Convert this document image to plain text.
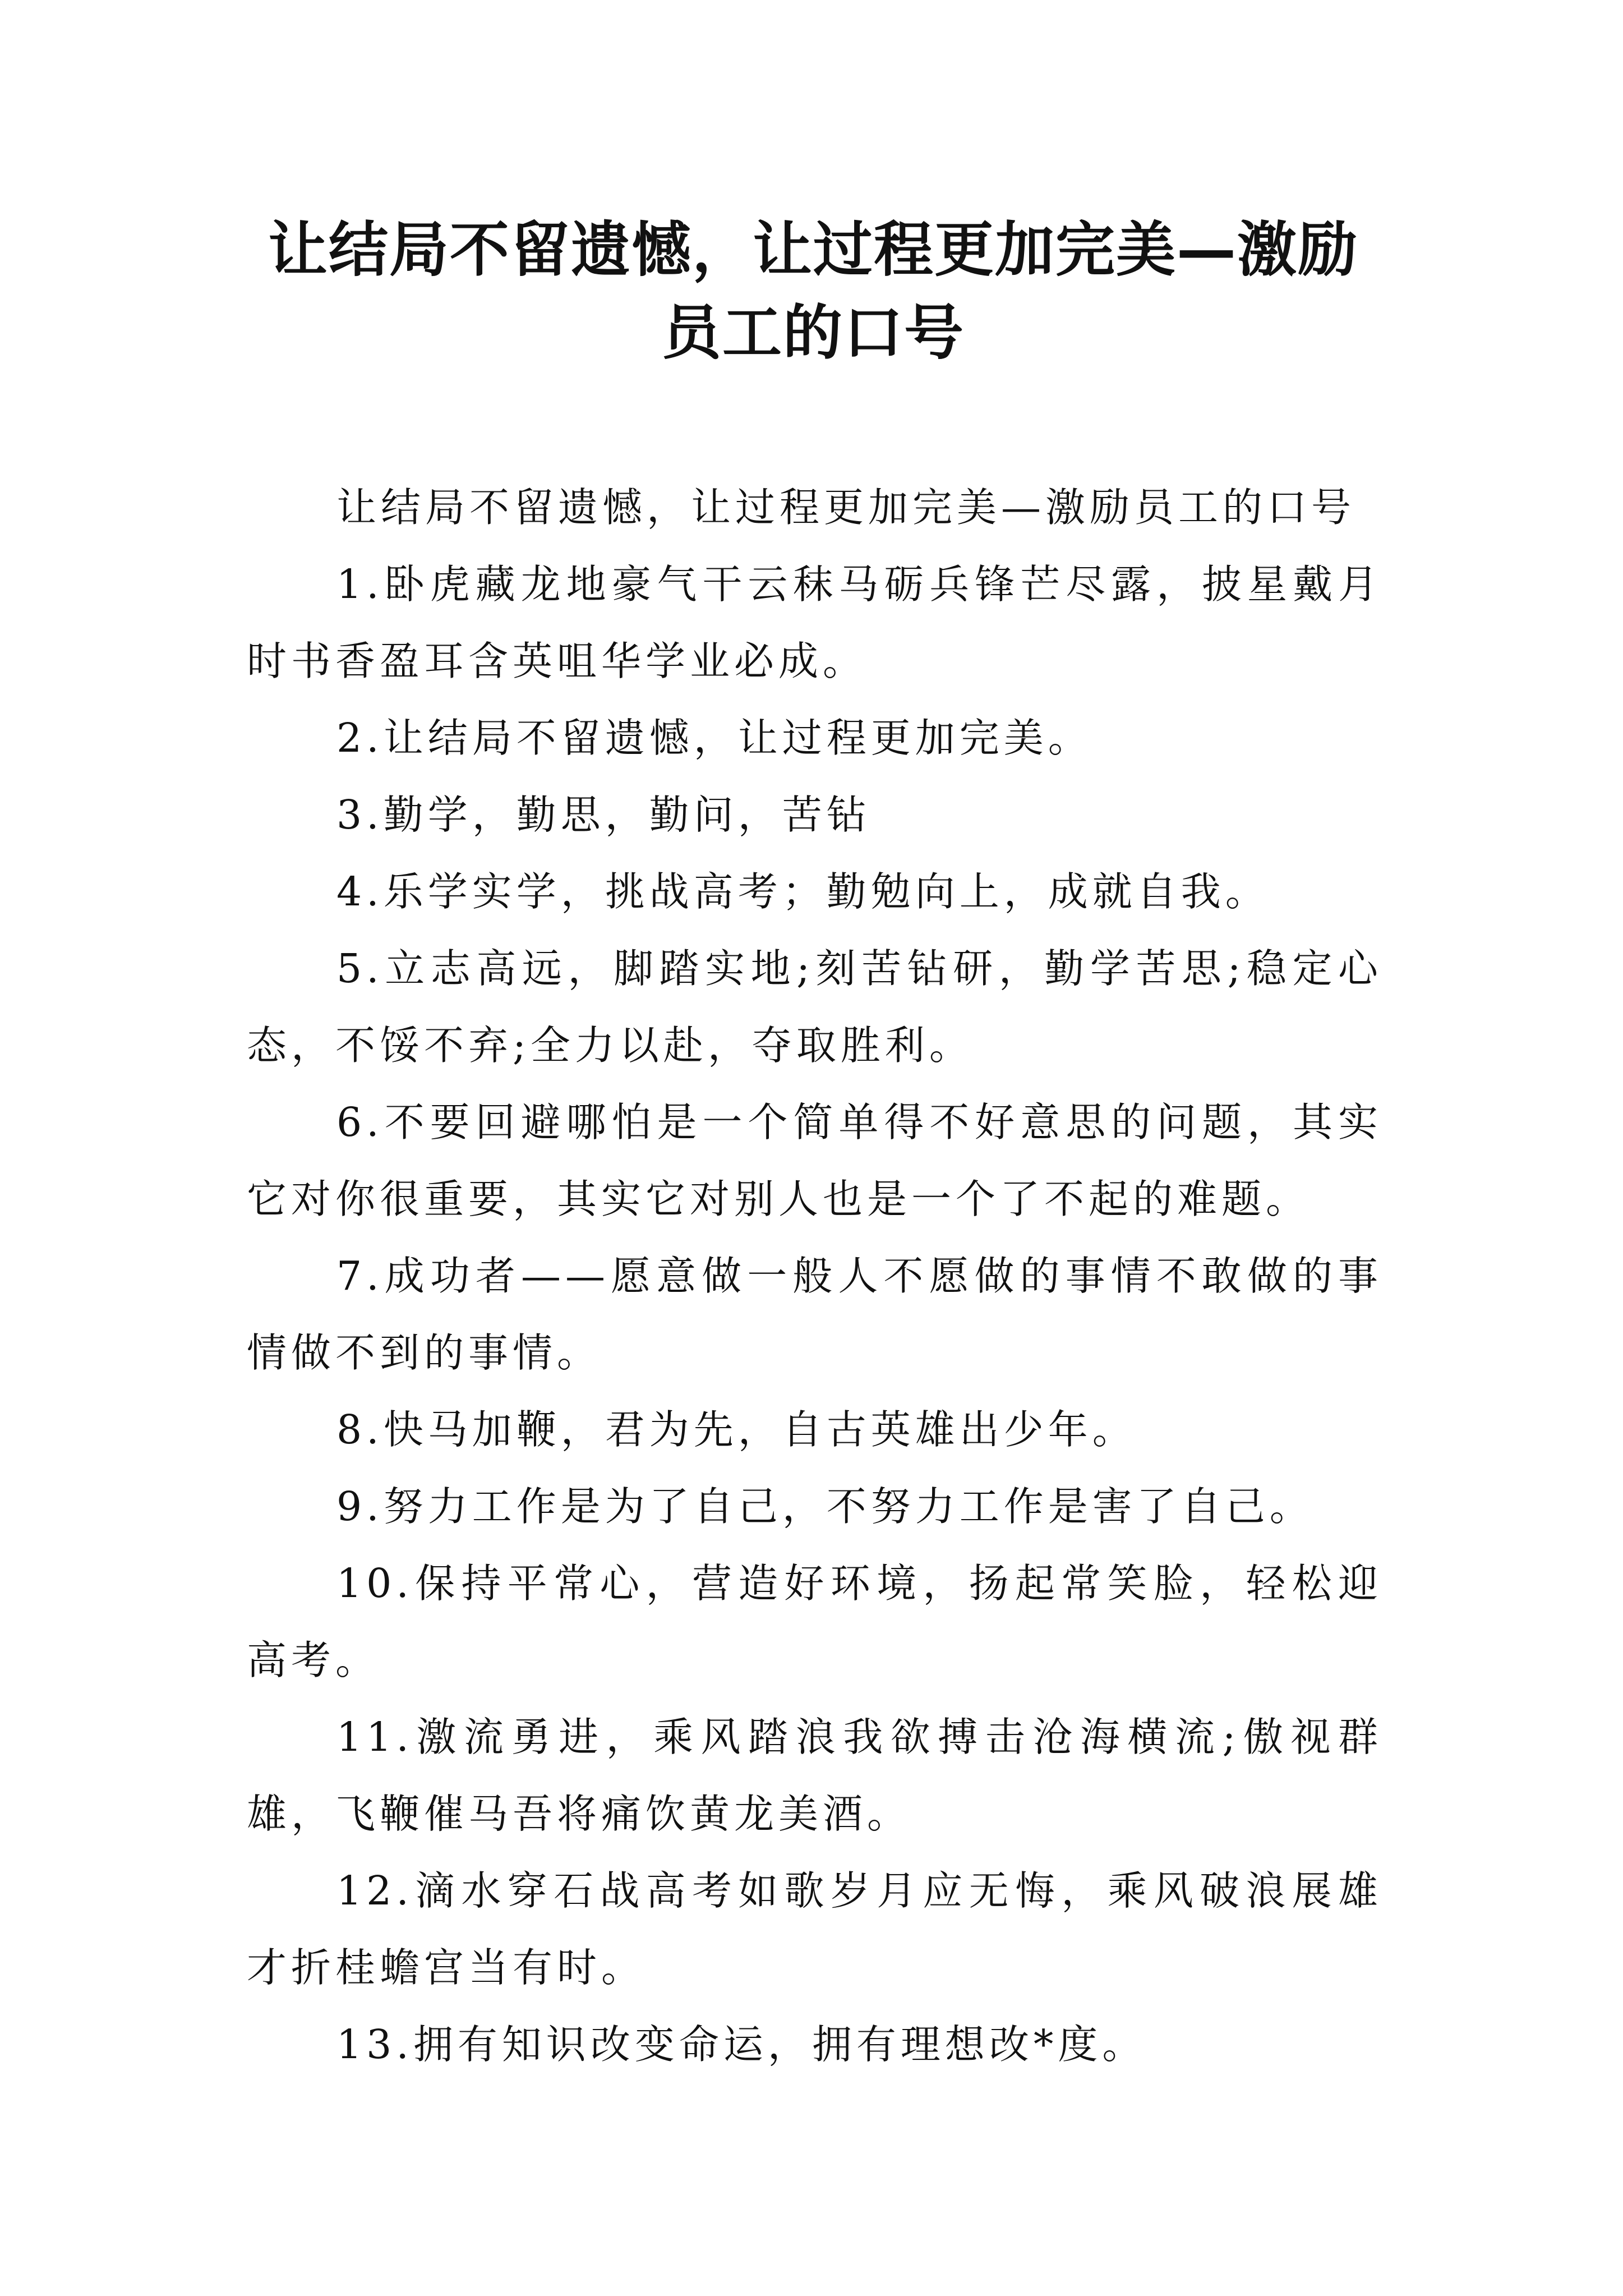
让结局不留遗憾，让过程更加完美—激励员工的口号

让结局不留遗憾，让过程更加完美—激励员工的口号

1.卧虎藏龙地豪气干云秣马砺兵锋芒尽露，披星戴月时书香盈耳含英咀华学业必成。

2.让结局不留遗憾，让过程更加完美。

3.勤学，勤思，勤问，苦钻

4.乐学实学，挑战高考；勤勉向上，成就自我。

5.立志高远，脚踏实地;刻苦钻研，勤学苦思;稳定心态，不馁不弃;全力以赴，夺取胜利。

6.不要回避哪怕是一个简单得不好意思的问题，其实它对你很重要，其实它对别人也是一个了不起的难题。

7.成功者——愿意做一般人不愿做的事情不敢做的事情做不到的事情。

8.快马加鞭，君为先，自古英雄出少年。

9.努力工作是为了自己，不努力工作是害了自己。

10.保持平常心，营造好环境，扬起常笑脸，轻松迎高考。

11.激流勇进，乘风踏浪我欲搏击沧海横流;傲视群雄，飞鞭催马吾将痛饮黄龙美酒。

12.滴水穿石战高考如歌岁月应无悔，乘风破浪展雄才折桂蟾宫当有时。

13.拥有知识改变命运，拥有理想改*度。
